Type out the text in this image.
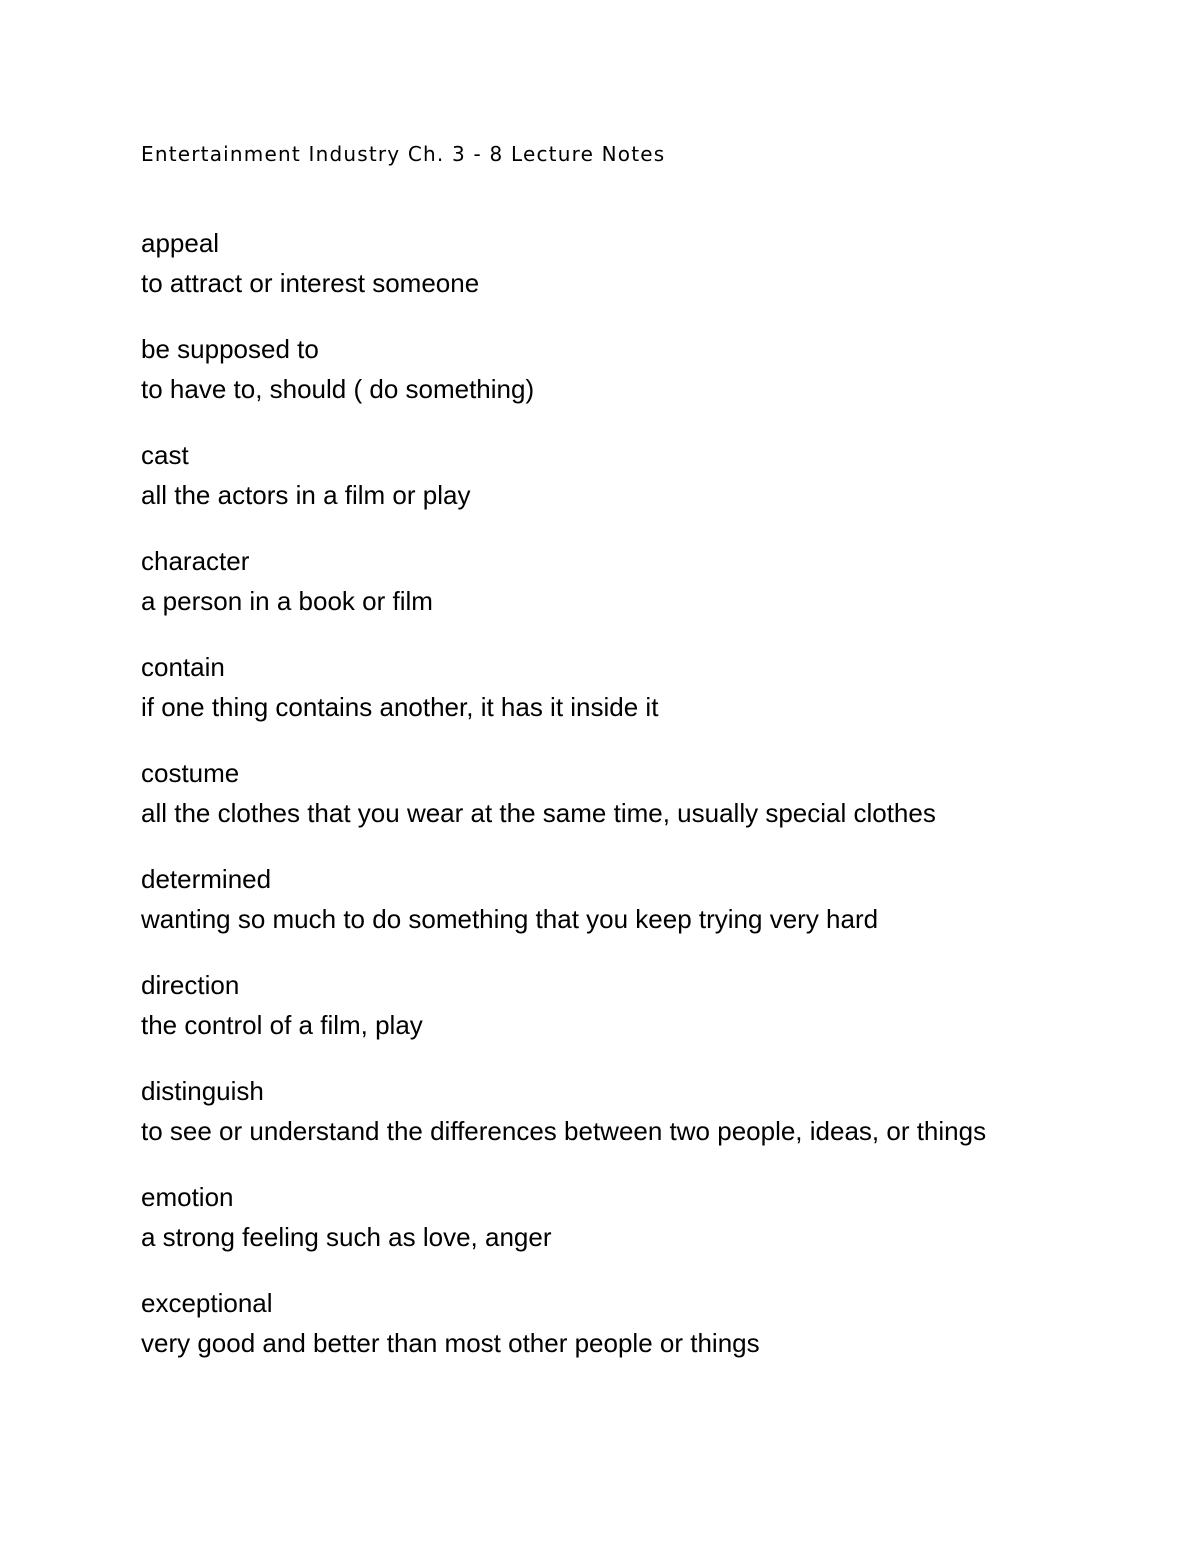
Entertainment Industry Ch. 3 - 8 Lecture Notes
appeal
to attract or interest someone
be supposed to
to have to, should ( do something)
cast
all the actors in a film or play
character
a person in a book or film
contain
if one thing contains another, it has it inside it
costume
all the clothes that you wear at the same time, usually special clothes
determined
wanting so much to do something that you keep trying very hard
direction
the control of a film, play
distinguish
to see or understand the differences between two people, ideas, or things
emotion
a strong feeling such as love, anger
exceptional
very good and better than most other people or things
